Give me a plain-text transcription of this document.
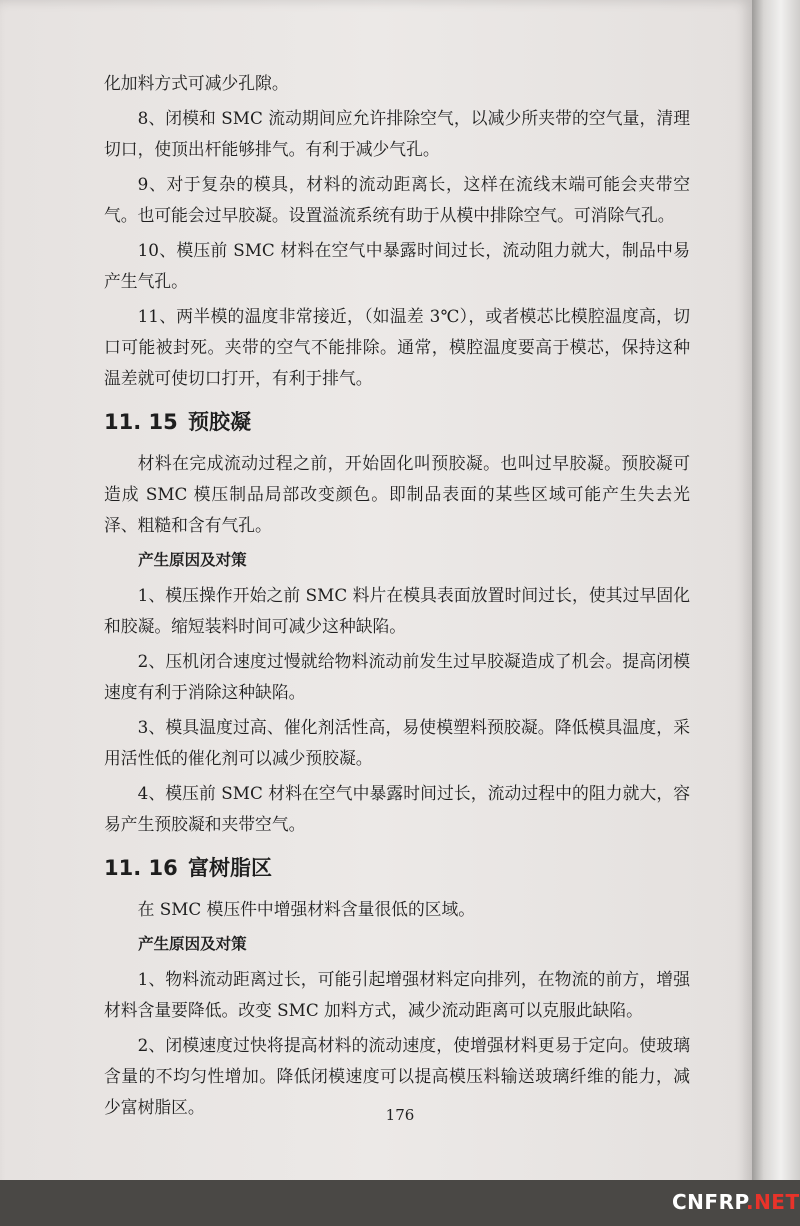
化加料方式可减少孔隙。

8、闭模和 SMC 流动期间应允许排除空气，以减少所夹带的空气量，清理切口，使顶出杆能够排气。有利于减少气孔。

9、对于复杂的模具，材料的流动距离长，这样在流线末端可能会夹带空气。也可能会过早胶凝。设置溢流系统有助于从模中排除空气。可消除气孔。

10、模压前 SMC 材料在空气中暴露时间过长，流动阻力就大，制品中易产生气孔。

11、两半模的温度非常接近，（如温差 3℃），或者模芯比模腔温度高，切口可能被封死。夹带的空气不能排除。通常，模腔温度要高于模芯，保持这种温差就可使切口打开，有利于排气。

11. 15 预胶凝

材料在完成流动过程之前，开始固化叫预胶凝。也叫过早胶凝。预胶凝可造成 SMC 模压制品局部改变颜色。即制品表面的某些区域可能产生失去光泽、粗糙和含有气孔。

产生原因及对策

1、模压操作开始之前 SMC 料片在模具表面放置时间过长，使其过早固化和胶凝。缩短装料时间可减少这种缺陷。

2、压机闭合速度过慢就给物料流动前发生过早胶凝造成了机会。提高闭模速度有利于消除这种缺陷。

3、模具温度过高、催化剂活性高，易使模塑料预胶凝。降低模具温度，采用活性低的催化剂可以减少预胶凝。

4、模压前 SMC 材料在空气中暴露时间过长，流动过程中的阻力就大，容易产生预胶凝和夹带空气。

11. 16 富树脂区

在 SMC 模压件中增强材料含量很低的区域。

产生原因及对策

1、物料流动距离过长，可能引起增强材料定向排列，在物流的前方，增强材料含量要降低。改变 SMC 加料方式，减少流动距离可以克服此缺陷。

2、闭模速度过快将提高材料的流动速度，使增强材料更易于定向。使玻璃含量的不均匀性增加。降低闭模速度可以提高模压料输送玻璃纤维的能力，减少富树脂区。	176
CNFRP.NET
